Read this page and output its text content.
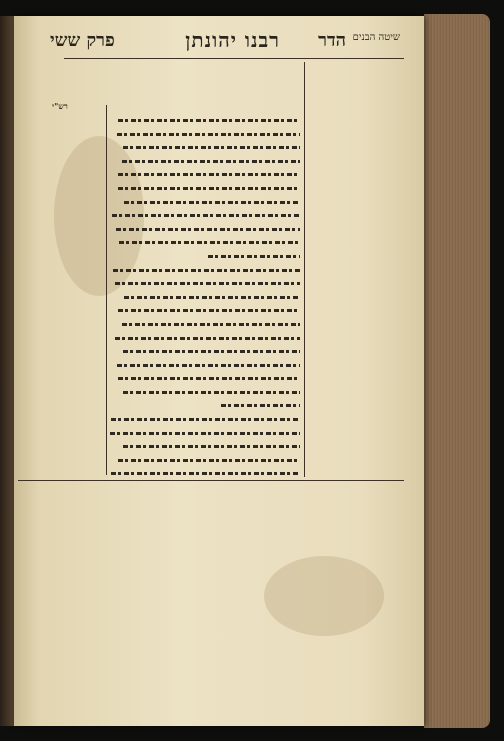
שיטה הבנים
רבנו יהונתן הדר
פרק ששי
רש"י
